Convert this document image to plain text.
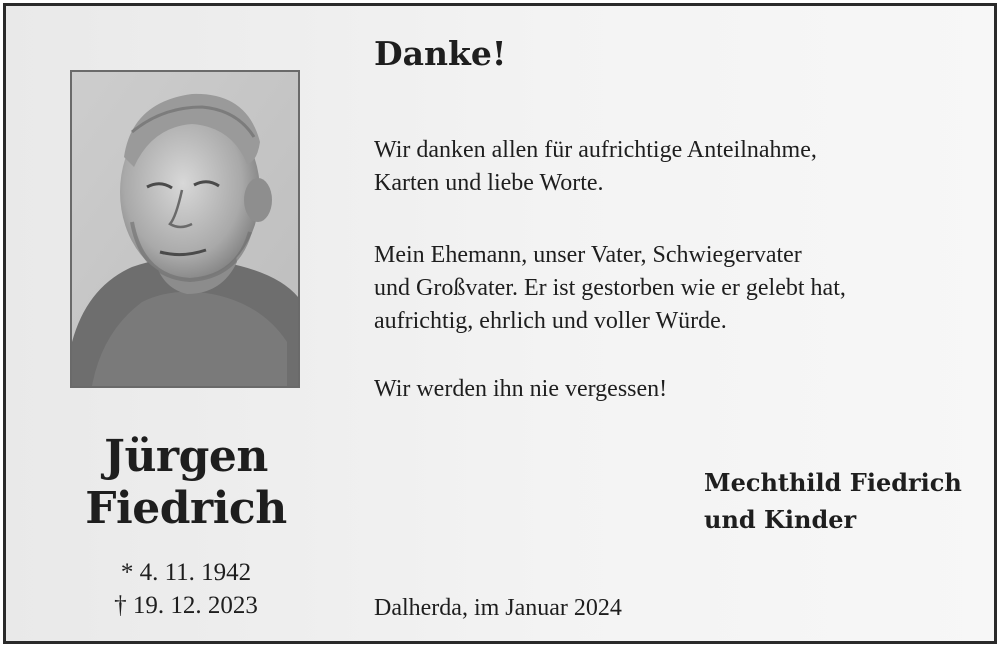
Jürgen
Fiedrich
* 4. 11. 1942
† 19. 12. 2023
Danke!
Wir danken allen für aufrichtige Anteilnahme,
Karten und liebe Worte.
Mein Ehemann, unser Vater, Schwiegervater
und Großvater. Er ist gestorben wie er gelebt hat,
aufrichtig, ehrlich und voller Würde.
Wir werden ihn nie vergessen!
Mechthild Fiedrich
und Kinder
Dalherda, im Januar 2024
